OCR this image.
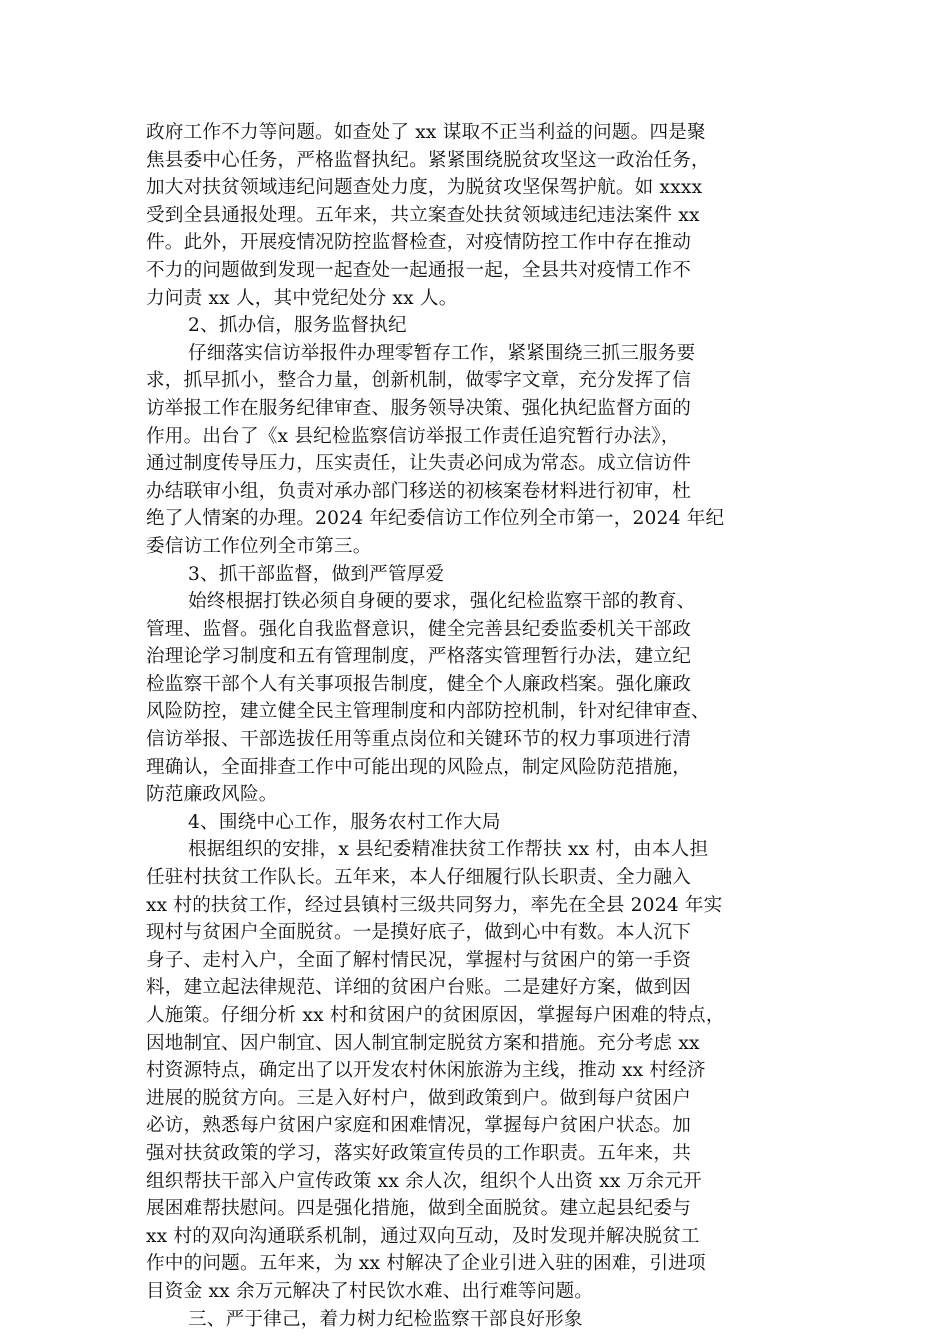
政府工作不力等问题。如查处了 xx 谋取不正当利益的问题。四是聚
焦县委中心任务，严格监督执纪。紧紧围绕脱贫攻坚这一政治任务，
加大对扶贫领域违纪问题查处力度，为脱贫攻坚保驾护航。如 xxxx
受到全县通报处理。五年来，共立案查处扶贫领域违纪违法案件 xx
件。此外，开展疫情况防控监督检查，对疫情防控工作中存在推动
不力的问题做到发现一起查处一起通报一起，全县共对疫情工作不
力问责 xx 人，其中党纪处分 xx 人。
2、抓办信，服务监督执纪
仔细落实信访举报件办理零暂存工作，紧紧围绕三抓三服务要
求，抓早抓小，整合力量，创新机制，做零字文章，充分发挥了信
访举报工作在服务纪律审查、服务领导决策、强化执纪监督方面的
作用。出台了《x 县纪检监察信访举报工作责任追究暂行办法》，
通过制度传导压力，压实责任，让失责必问成为常态。成立信访件
办结联审小组，负责对承办部门移送的初核案卷材料进行初审，杜
绝了人情案的办理。2024 年纪委信访工作位列全市第一，2024 年纪
委信访工作位列全市第三。
3、抓干部监督，做到严管厚爱
始终根据打铁必须自身硬的要求，强化纪检监察干部的教育、
管理、监督。强化自我监督意识，健全完善县纪委监委机关干部政
治理论学习制度和五有管理制度，严格落实管理暂行办法，建立纪
检监察干部个人有关事项报告制度，健全个人廉政档案。强化廉政
风险防控，建立健全民主管理制度和内部防控机制，针对纪律审查、
信访举报、干部选拔任用等重点岗位和关键环节的权力事项进行清
理确认，全面排查工作中可能出现的风险点，制定风险防范措施，
防范廉政风险。
4、围绕中心工作，服务农村工作大局
根据组织的安排，x 县纪委精准扶贫工作帮扶 xx 村，由本人担
任驻村扶贫工作队长。五年来，本人仔细履行队长职责、全力融入
xx 村的扶贫工作，经过县镇村三级共同努力，率先在全县 2024 年实
现村与贫困户全面脱贫。一是摸好底子，做到心中有数。本人沉下
身子、走村入户，全面了解村情民况，掌握村与贫困户的第一手资
料，建立起法律规范、详细的贫困户台账。二是建好方案，做到因
人施策。仔细分析 xx 村和贫困户的贫困原因，掌握每户困难的特点，
因地制宜、因户制宜、因人制宜制定脱贫方案和措施。充分考虑 xx
村资源特点，确定出了以开发农村休闲旅游为主线，推动 xx 村经济
进展的脱贫方向。三是入好村户，做到政策到户。做到每户贫困户
必访，熟悉每户贫困户家庭和困难情况，掌握每户贫困户状态。加
强对扶贫政策的学习，落实好政策宣传员的工作职责。五年来，共
组织帮扶干部入户宣传政策 xx 余人次，组织个人出资 xx 万余元开
展困难帮扶慰问。四是强化措施，做到全面脱贫。建立起县纪委与
xx 村的双向沟通联系机制，通过双向互动，及时发现并解决脱贫工
作中的问题。五年来，为 xx 村解决了企业引进入驻的困难，引进项
目资金 xx 余万元解决了村民饮水难、出行难等问题。
三、严于律己，着力树力纪检监察干部良好形象
